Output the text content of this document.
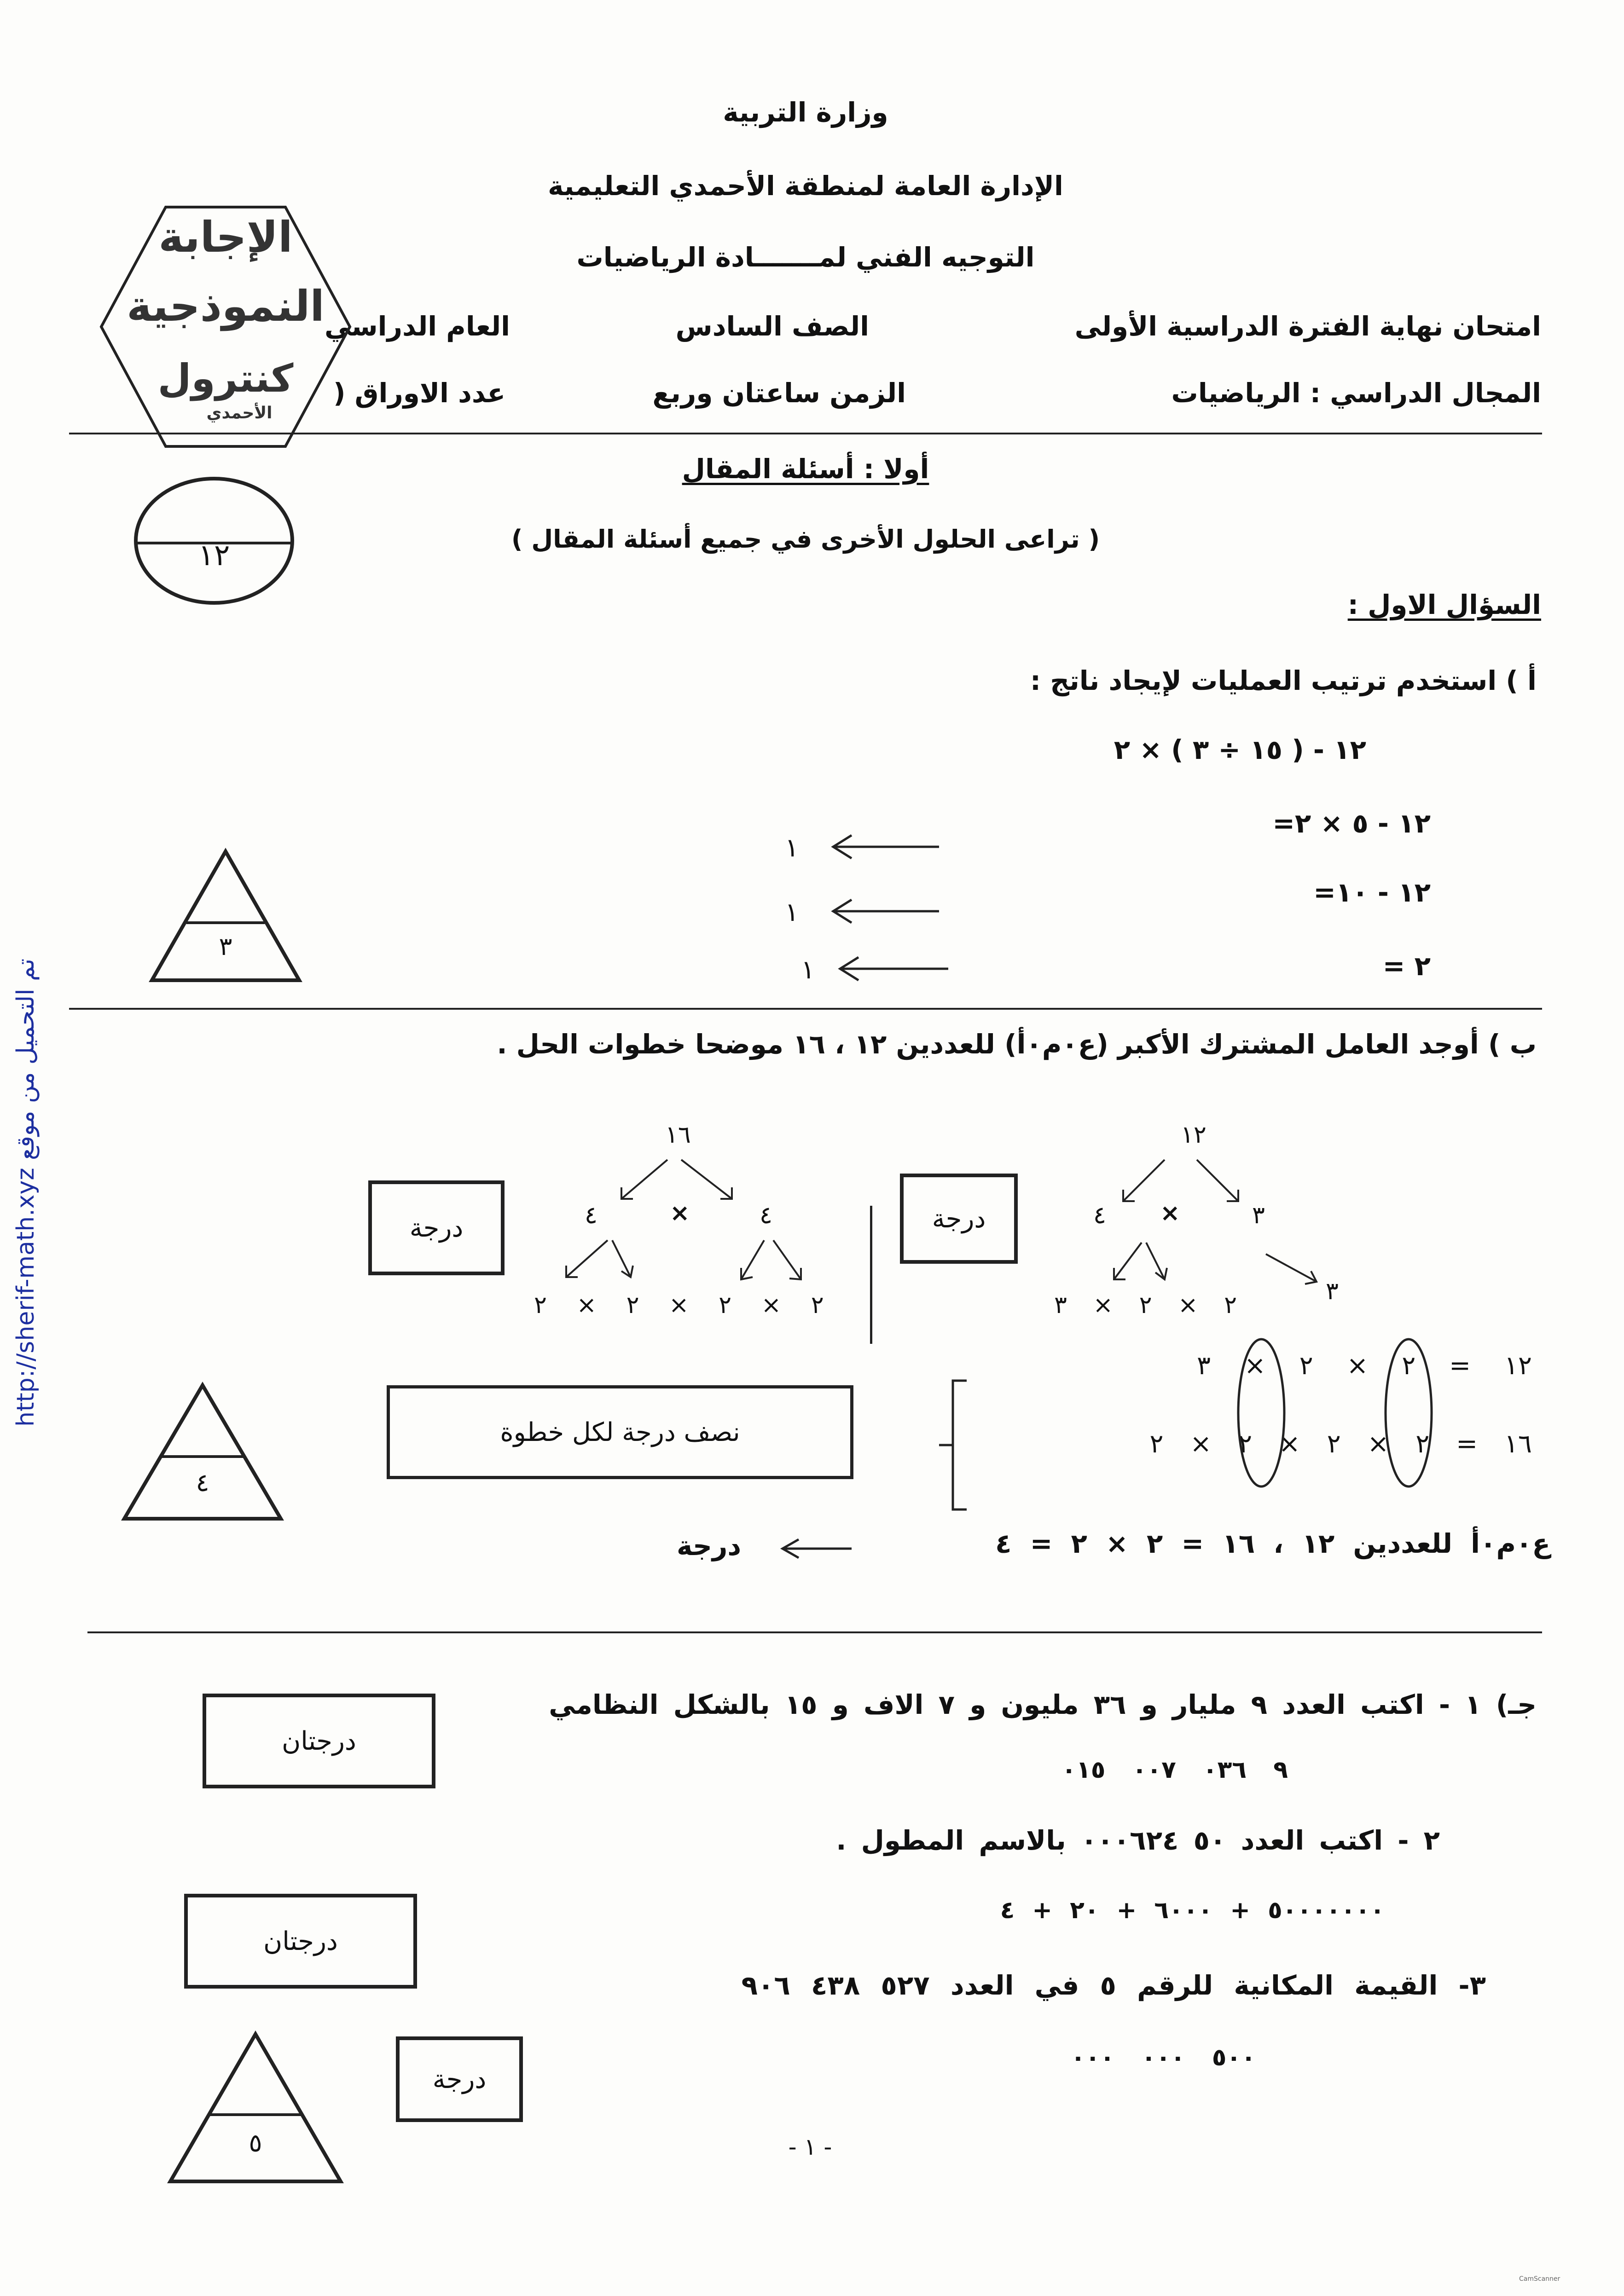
تم التحميل من موقع http://sherif-math.xyz
وزارة التربية
الإدارة العامة لمنطقة الأحمدي التعليمية
التوجيه الفني لمـــــــادة الرياضيات
امتحان نهاية الفترة الدراسية الأولى
الصف السادس
العام الدراسي
المجال الدراسي : الرياضيات
الزمن ساعتان وربع
عدد الاوراق (
الإجابة
النموذجية
كنترول
الأحمدي
١٢
أولا : أسئلة المقال
( تراعى الحلول الأخرى في جميع أسئلة المقال )
السؤال الاول :
أ ) استخدم ترتيب العمليات لإيجاد ناتج :
١٢ - ( ١٥ ÷ ٣ ) × ٢
=١٢ - ٥ × ٢
=١٢ - ١٠
= ٢
١
١
١
٣
ب ) أوجد العامل المشترك الأكبر (ع٠م٠أ) للعددين ١٢ ، ١٦ موضحا خطوات الحل .
١٢
٤ ×	٣
٢ × ٢ × ٣	٣
١٦
٤	×	٤
٢ × ٢ × ٢ × ٢
درجة
درجة
١٢ = ٢ × ٢ × ٣
١٦ = ٢ × ٢ × ٢ × ٢
نصف درجة لكل خطوة
٤
ع٠م٠أ للعددين ١٢ ، ١٦ = ٢ × ٢ = ٤
درجة
جـ) ١ - اكتب العدد ٩ مليار و ٣٦ مليون و ٧ الاف و ١٥ بالشكل النظامي
٩ ٠٣٦ ٠٠٧ ٠١٥
درجتان
٢ - اكتب العدد ٥٠ ٠٠٠٦٢٤ بالاسم المطول .
٥٠٠٠٠٠٠٠ + ٦٠٠٠ + ٢٠ + ٤
درجتان
٣- القيمة المكانية للرقم ٥ في العدد ٥٢٧ ٤٣٨ ٩٠٦
٥٠٠ ٠٠٠ ٠٠٠
درجة
٥	- ١ -
CamScanner
